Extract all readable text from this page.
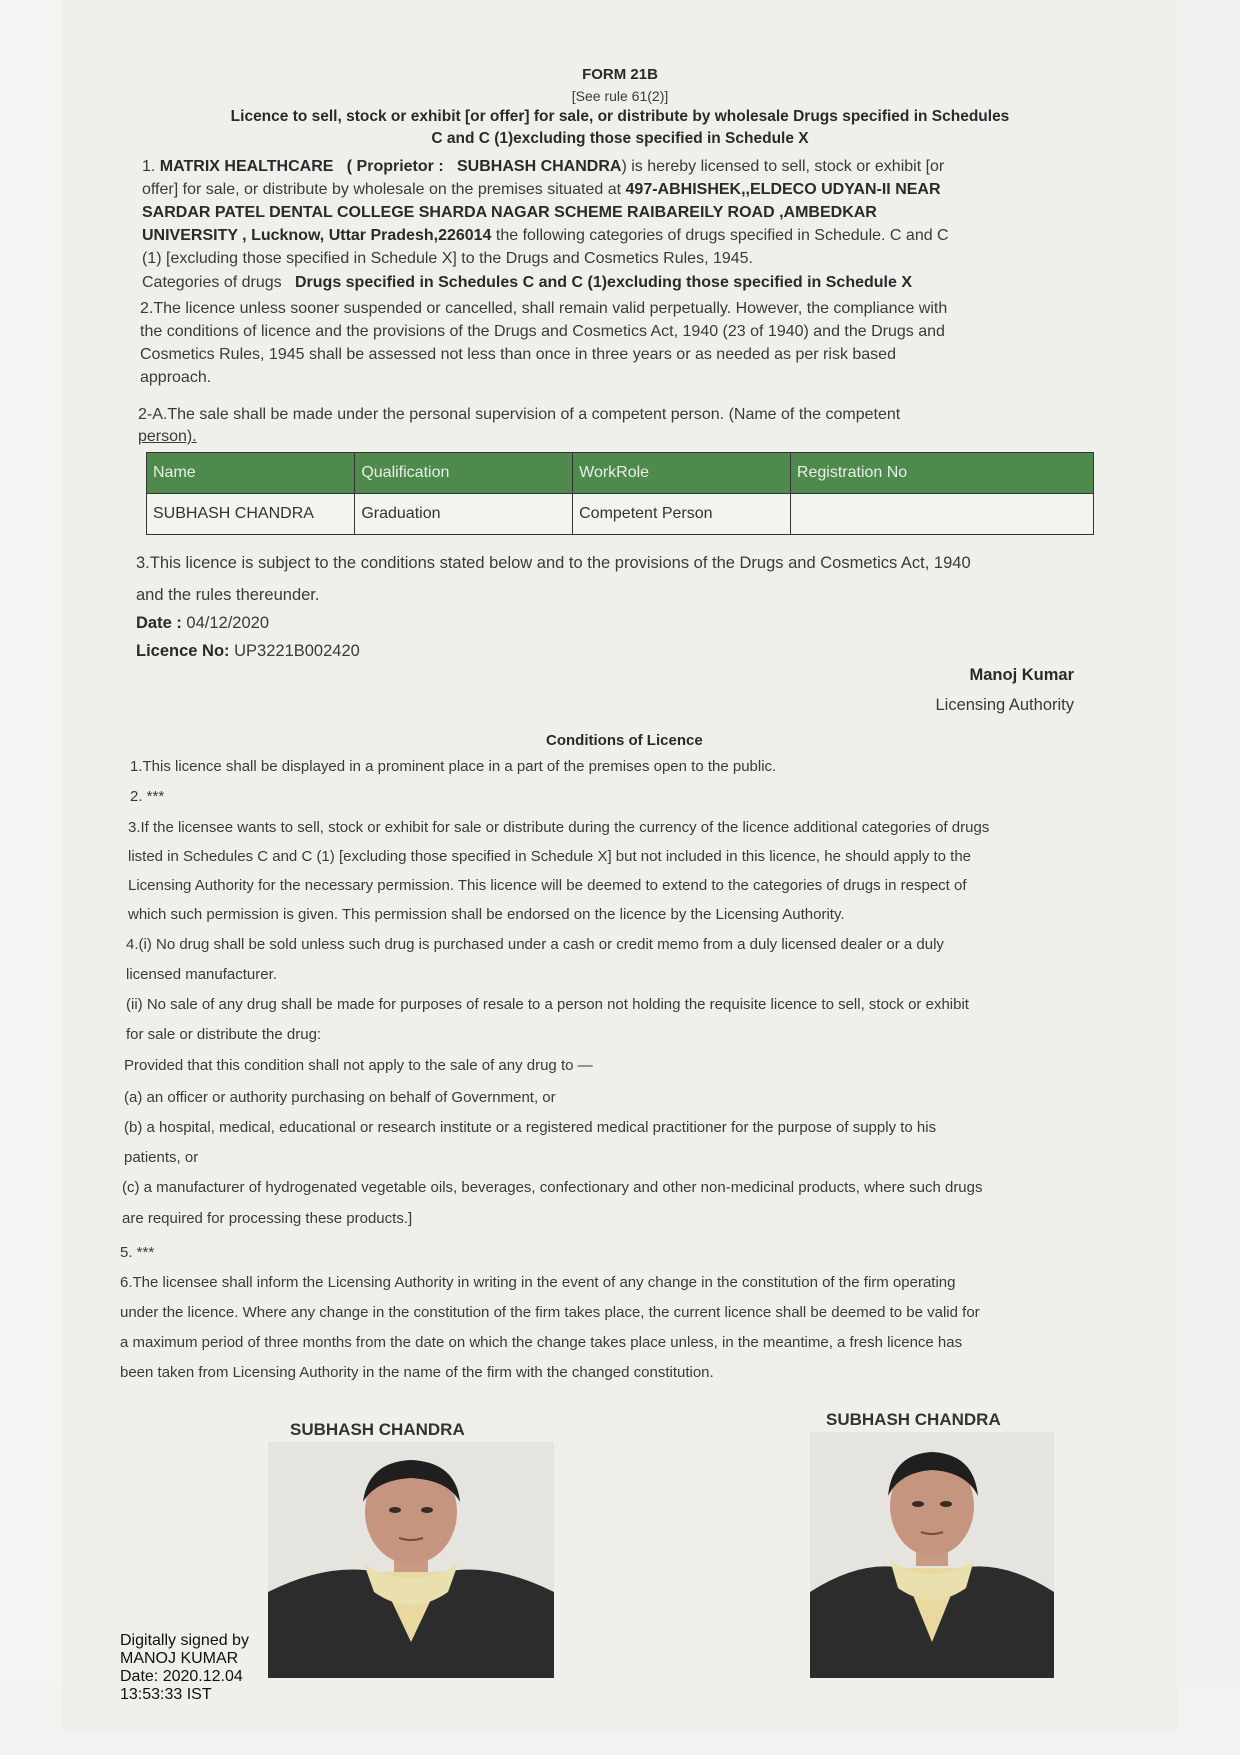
FORM 21B

[See rule 61(2)]

Licence to sell, stock or exhibit [or offer] for sale, or distribute by wholesale Drugs specified in Schedules

C and C (1)excluding those specified in Schedule X

1. MATRIX HEALTHCARE ( Proprietor : SUBHASH CHANDRA) is hereby licensed to sell, stock or exhibit [or

offer] for sale, or distribute by wholesale on the premises situated at 497-ABHISHEK,,ELDECO UDYAN-II NEAR

SARDAR PATEL DENTAL COLLEGE SHARDA NAGAR SCHEME RAIBAREILY ROAD ,AMBEDKAR

UNIVERSITY , Lucknow, Uttar Pradesh,226014 the following categories of drugs specified in Schedule. C and C

(1) [excluding those specified in Schedule X] to the Drugs and Cosmetics Rules, 1945.

Categories of drugs Drugs specified in Schedules C and C (1)excluding those specified in Schedule X

2.The licence unless sooner suspended or cancelled, shall remain valid perpetually. However, the compliance with

the conditions of licence and the provisions of the Drugs and Cosmetics Act, 1940 (23 of 1940) and the Drugs and

Cosmetics Rules, 1945 shall be assessed not less than once in three years or as needed as per risk based

approach.

2-A.The sale shall be made under the personal supervision of a competent person. (Name of the competent

person).

Name	Qualification	WorkRole	Registration No
SUBHASH CHANDRA	Graduation	Competent Person	

3.This licence is subject to the conditions stated below and to the provisions of the Drugs and Cosmetics Act, 1940

and the rules thereunder.

Date : 04/12/2020

Licence No: UP3221B002420

Manoj Kumar

Licensing Authority

Conditions of Licence

1.This licence shall be displayed in a prominent place in a part of the premises open to the public.

2. ***

3.If the licensee wants to sell, stock or exhibit for sale or distribute during the currency of the licence additional categories of drugs

listed in Schedules C and C (1) [excluding those specified in Schedule X] but not included in this licence, he should apply to the

Licensing Authority for the necessary permission. This licence will be deemed to extend to the categories of drugs in respect of

which such permission is given. This permission shall be endorsed on the licence by the Licensing Authority.

4.(i) No drug shall be sold unless such drug is purchased under a cash or credit memo from a duly licensed dealer or a duly

licensed manufacturer.

(ii) No sale of any drug shall be made for purposes of resale to a person not holding the requisite licence to sell, stock or exhibit

for sale or distribute the drug:

Provided that this condition shall not apply to the sale of any drug to —

(a) an officer or authority purchasing on behalf of Government, or

(b) a hospital, medical, educational or research institute or a registered medical practitioner for the purpose of supply to his

patients, or

(c) a manufacturer of hydrogenated vegetable oils, beverages, confectionary and other non-medicinal products, where such drugs

are required for processing these products.]

5. ***

6.The licensee shall inform the Licensing Authority in writing in the event of any change in the constitution of the firm operating

under the licence. Where any change in the constitution of the firm takes place, the current licence shall be deemed to be valid for

a maximum period of three months from the date on which the change takes place unless, in the meantime, a fresh licence has

been taken from Licensing Authority in the name of the firm with the changed constitution.

SUBHASH CHANDRA

SUBHASH CHANDRA

Digitally signed by
MANOJ KUMAR
Date: 2020.12.04
13:53:33 IST
